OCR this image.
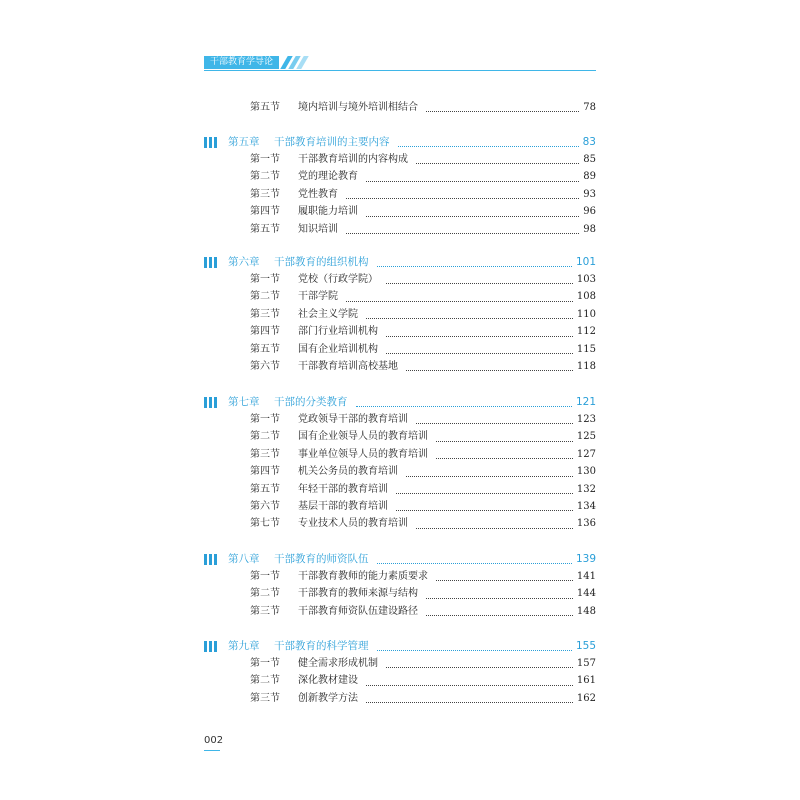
干部教育学导论
第五节	境内培训与境外培训相结合	78
002
第五章	干部教育培训的主要内容	83
第一节	干部教育培训的内容构成	85
第二节	党的理论教育	89
第三节	党性教育	93
第四节	履职能力培训	96
第五节	知识培训	98
第六章	干部教育的组织机构	101
第一节	党校（行政学院）	103
第二节	干部学院	108
第三节	社会主义学院	110
第四节	部门行业培训机构	112
第五节	国有企业培训机构	115
第六节	干部教育培训高校基地	118
第七章	干部的分类教育	121
第一节	党政领导干部的教育培训	123
第二节	国有企业领导人员的教育培训	125
第三节	事业单位领导人员的教育培训	127
第四节	机关公务员的教育培训	130
第五节	年轻干部的教育培训	132
第六节	基层干部的教育培训	134
第七节	专业技术人员的教育培训	136
第八章	干部教育的师资队伍	139
第一节	干部教育教师的能力素质要求	141
第二节	干部教育的教师来源与结构	144
第三节	干部教育师资队伍建设路径	148
第九章	干部教育的科学管理	155
第一节	健全需求形成机制	157
第二节	深化教材建设	161
第三节	创新教学方法	162
